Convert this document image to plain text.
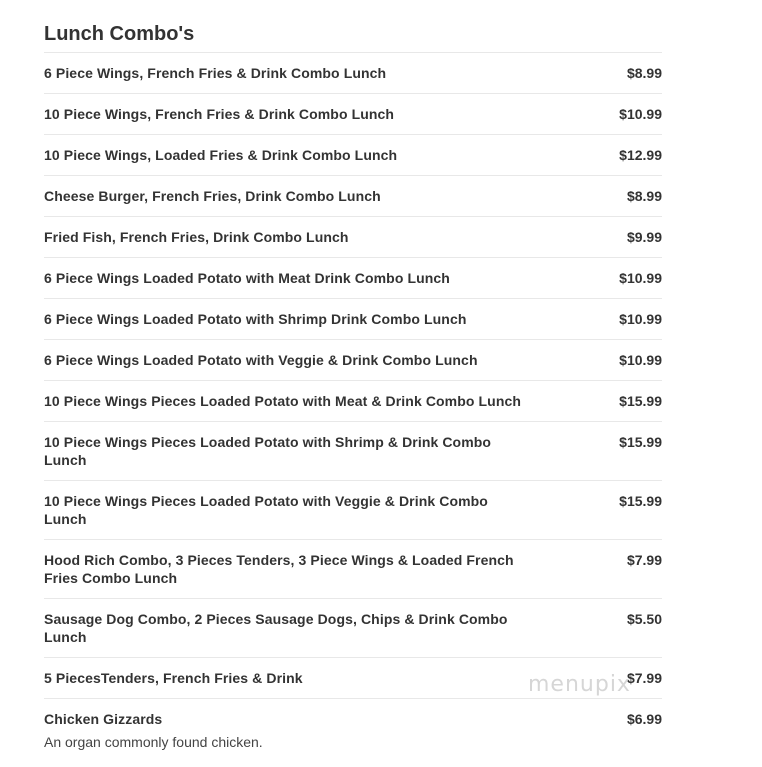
Lunch Combo's
6 Piece Wings, French Fries & Drink Combo Lunch	$8.99
10 Piece Wings, French Fries & Drink Combo Lunch	$10.99
10 Piece Wings, Loaded Fries & Drink Combo Lunch	$12.99
Cheese Burger, French Fries, Drink Combo Lunch	$8.99
Fried Fish, French Fries, Drink Combo Lunch	$9.99
6 Piece Wings Loaded Potato with Meat Drink Combo Lunch	$10.99
6 Piece Wings Loaded Potato with Shrimp Drink Combo Lunch	$10.99
6 Piece Wings Loaded Potato with Veggie & Drink Combo Lunch	$10.99
10 Piece Wings Pieces Loaded Potato with Meat & Drink Combo Lunch	$15.99
10 Piece Wings Pieces Loaded Potato with Shrimp & Drink Combo Lunch
$15.99
10 Piece Wings Pieces Loaded Potato with Veggie & Drink Combo Lunch
$15.99
Hood Rich Combo, 3 Pieces Tenders, 3 Piece Wings & Loaded French Fries Combo Lunch
$7.99
Sausage Dog Combo, 2 Pieces Sausage Dogs, Chips & Drink Combo Lunch
$5.50
5 PiecesTenders, French Fries & Drink	$7.99
Chicken Gizzards	$6.99
An organ commonly found chicken.
menupix
